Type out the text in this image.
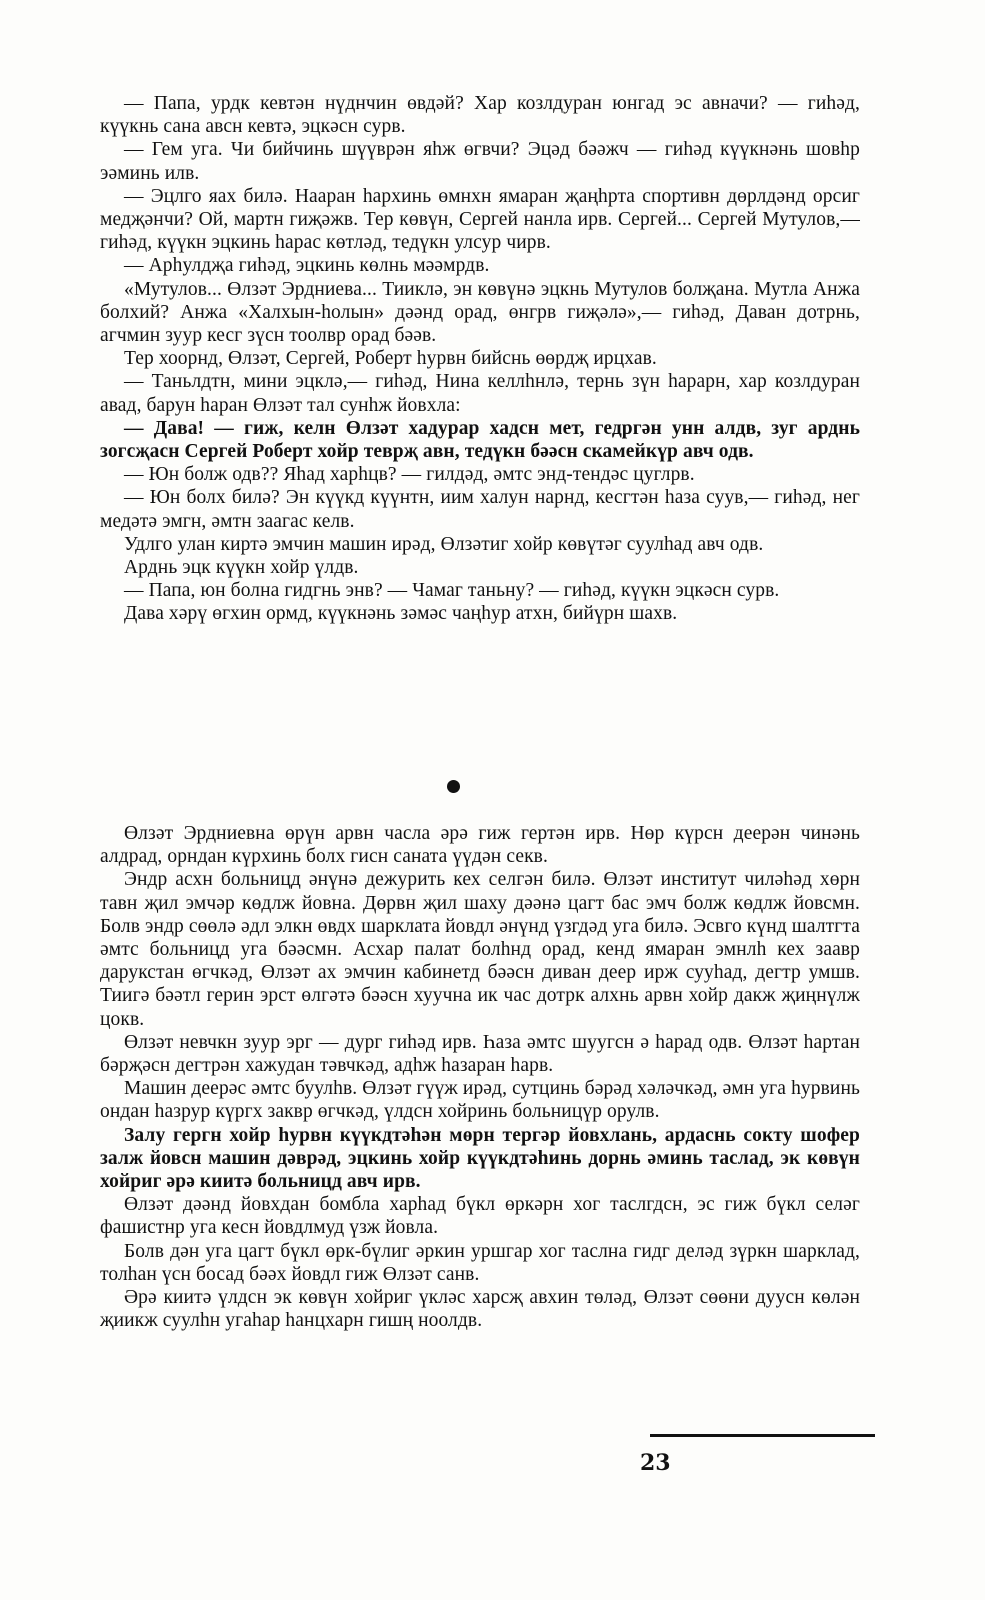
— Папа, урдк кевтән нүднчин өвдәй? Хар козлдуран юнгад эс авначи? — гиһәд, күүкнь сана авсн кевтә, эцкәсн сурв.

— Гем уга. Чи бийчинь шүүврән яһж өгвчи? Эцәд бәәжч — гиһәд күүкнәнь шовһр эәминь илв.

— Эцлго яах билә. Нааран һархинь өмнхн ямаран җаңһрта спортивн дөрлдәнд орсиг медҗәнчи? Ой, мартн гиҗәжв. Тер көвүн, Сергей нанла ирв. Сергей... Сергей Мутулов,— гиһәд, күүкн эцкинь һарас көтләд, тедүкн улсур чирв.

— Арһулдҗа гиһәд, эцкинь көлнь мәәмрдв.

«Мутулов... Өлзәт Эрдниева... Тииклә, эн көвүнә эцкнь Мутулов болҗана. Мутла Анжа болхий? Анжа «Халхын-һолын» дәәнд орад, өнгрв гиҗәлә»,— гиһәд, Даван дотрнь, агчмин зуур кесг зүсн тоолвр орад бәәв.

Тер хоорнд, Өлзәт, Сергей, Роберт һурвн бийснь өөрдҗ ирцхав.

— Таньлдтн, мини эцклә,— гиһәд, Нина келлһнлә, тернь зүн һарарн, хар козлдуран авад, барун һаран Өлзәт тал сунһж йовхла:

— Дава! — гиж, келн Өлзәт хадурар хадсн мет, гедргән унн алдв, зуг арднь зогсҗасн Сергей Роберт хойр теврҗ авн, тедүкн бәәсн скамейкүр авч одв.

— Юн болж одв?? Яһад харһцв? — гилдәд, әмтс энд-тендәс цуглрв.

— Юн болх билә? Эн күүкд күүнтн, иим халун нарнд, кесгтән һаза суув,— гиһәд, нег медәтә эмгн, әмтн заагас келв.

Удлго улан киртә эмчин машин ирәд, Өлзәтиг хойр көвүтәг суулһад авч одв.

Арднь эцк күүкн хойр үлдв.

— Папа, юн болна гидгнь энв? — Чамаг таньну? — гиһәд, күүкн эцкәсн сурв.

Дава хәрү өгхин ормд, күүкнәнь зәмәс чаңһур атхн, бийүрн шахв.

Өлзәт Эрдниевна өрүн арвн часла әрә гиж гертән ирв. Нөр күрсн деерән чинәнь алдрад, орндан күрхинь болх гисн саната үүдән секв.

Эндр асхн больницд әнүнә дежурить кех селгән билә. Өлзәт институт чиләһәд хөрн тавн җил эмчәр көдлж йовна. Дөрвн җил шаху дәәнә цагт бас эмч болж көдлж йовсмн. Болв эндр сөөлә әдл элкн өвдх шарклата йовдл әнүнд үзгдәд уга билә. Эсвго күнд шалтгта әмтс больницд уга бәәсмн. Асхар палат болһнд орад, кенд ямаран эмнлһ кех заавр дарукстан өгчкәд, Өлзәт ах эмчин кабинетд бәәсн диван деер ирж сууһад, дегтр умшв. Тиигә бәәтл герин эрст өлгәтә бәәсн хуучна ик час дотрк алхнь арвн хойр дакж җиңнүлж цокв.

Өлзәт невчкн зуур эрг — дург гиһәд ирв. Һаза әмтс шуугсн ә һарад одв. Өлзәт һартан бәрҗәсн дегтрән хажудан тәвчкәд, адһж һазаран һарв.

Машин деерәс әмтс буулһв. Өлзәт гүүж ирәд, сутцинь бәрәд хәләчкәд, әмн уга һурвинь ондан һазрур күргх заквр өгчкәд, үлдсн хойринь больницүр орулв.

Залу гергн хойр һурвн күүкдтәһән мөрн тергәр йовхлань, ардаснь сокту шофер залж йовсн машин дәврәд, эцкинь хойр күүкдтәһинь дорнь әминь таслад, эк көвүн хойриг әрә киитә больницд авч ирв.

Өлзәт дәәнд йовхдан бомбла харһад бүкл өркәрн хог таслгдсн, эс гиж бүкл селәг фашистнр уга кесн йовдлмуд үзж йовла.

Болв дән уга цагт бүкл өрк-бүлиг әркин уршгар хог таслна гидг деләд зүркн шарклад, толһан үсн босад бәәх йовдл гиж Өлзәт санв.

Әрә киитә үлдсн эк көвүн хойриг үкләс харсҗ авхин төләд, Өлзәт сөөни дуусн көлән җиикж суулһн угаһар һанцхарн гишң ноолдв.

23
